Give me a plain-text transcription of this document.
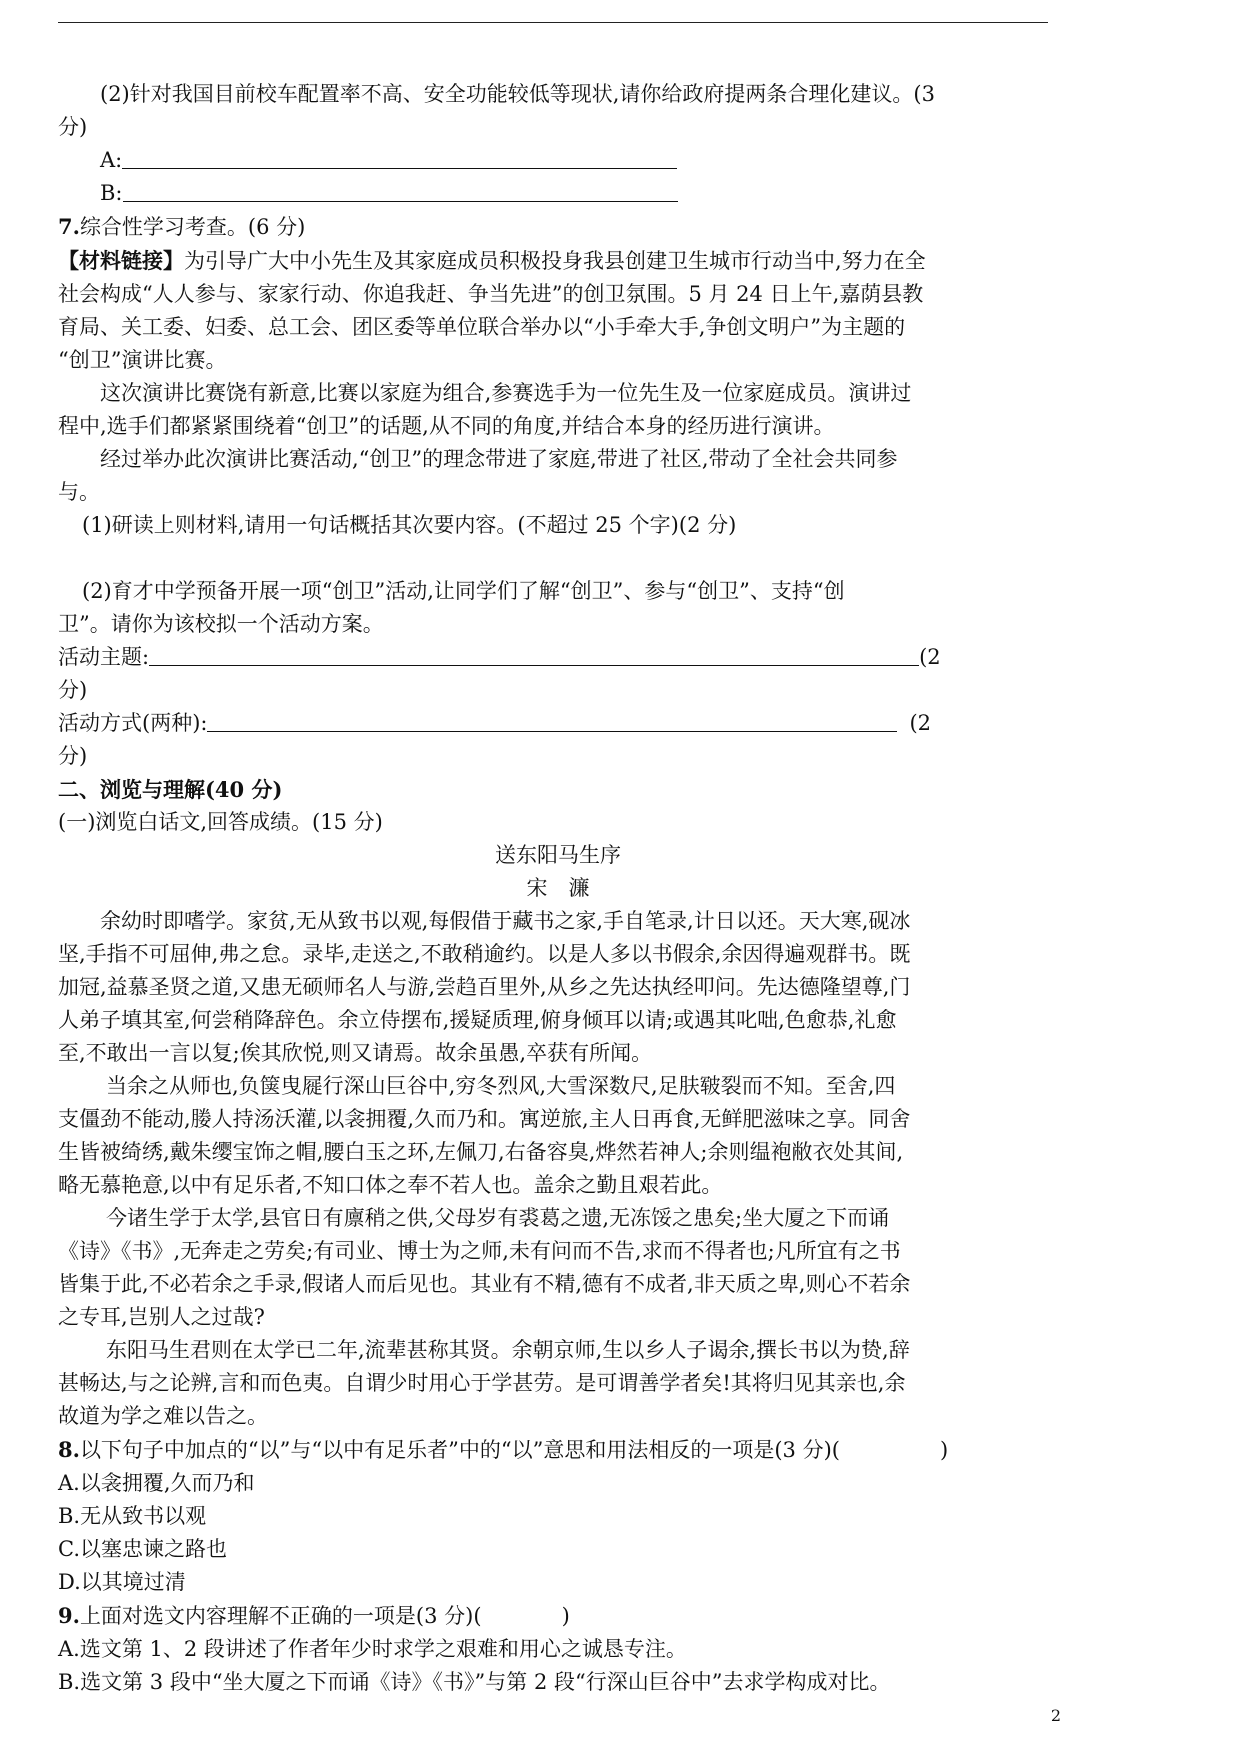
(2)针对我国目前校车配置率不高、安全功能较低等现状,请你给政府提两条合理化建议。(3

分)

A:

B:

7.综合性学习考查。(6 分)

【材料链接】为引导广大中小先生及其家庭成员积极投身我县创建卫生城市行动当中,努力在全

社会构成“人人参与、家家行动、你追我赶、争当先进”的创卫氛围。5 月 24 日上午,嘉荫县教

育局、关工委、妇委、总工会、团区委等单位联合举办以“小手牵大手,争创文明户”为主题的

“创卫”演讲比赛。

这次演讲比赛饶有新意,比赛以家庭为组合,参赛选手为一位先生及一位家庭成员。演讲过

程中,选手们都紧紧围绕着“创卫”的话题,从不同的角度,并结合本身的经历进行演讲。

经过举办此次演讲比赛活动,“创卫”的理念带进了家庭,带进了社区,带动了全社会共同参

与。

(1)研读上则材料,请用一句话概括其次要内容。(不超过 25 个字)(2 分)

(2)育才中学预备开展一项“创卫”活动,让同学们了解“创卫”、参与“创卫”、支持“创

卫”。请你为该校拟一个活动方案。

活动主题:	(2

分)

活动方式(两种):	(2

分)

二、浏览与理解(40 分)

(一)浏览白话文,回答成绩。(15 分)

送东阳马生序

宋　濂

余幼时即嗜学。家贫,无从致书以观,每假借于藏书之家,手自笔录,计日以还。天大寒,砚冰

坚,手指不可屈伸,弗之怠。录毕,走送之,不敢稍逾约。以是人多以书假余,余因得遍观群书。既

加冠,益慕圣贤之道,又患无硕师名人与游,尝趋百里外,从乡之先达执经叩问。先达德隆望尊,门

人弟子填其室,何尝稍降辞色。余立侍摆布,援疑质理,俯身倾耳以请;或遇其叱咄,色愈恭,礼愈

至,不敢出一言以复;俟其欣悦,则又请焉。故余虽愚,卒获有所闻。

当余之从师也,负箧曳屣行深山巨谷中,穷冬烈风,大雪深数尺,足肤皲裂而不知。至舍,四

支僵劲不能动,媵人持汤沃灌,以衾拥覆,久而乃和。寓逆旅,主人日再食,无鲜肥滋味之享。同舍

生皆被绮绣,戴朱缨宝饰之帽,腰白玉之环,左佩刀,右备容臭,烨然若神人;余则缊袍敝衣处其间,

略无慕艳意,以中有足乐者,不知口体之奉不若人也。盖余之勤且艰若此。

今诸生学于太学,县官日有廪稍之供,父母岁有裘葛之遗,无冻馁之患矣;坐大厦之下而诵

《诗》《书》,无奔走之劳矣;有司业、博士为之师,未有问而不告,求而不得者也;凡所宜有之书

皆集于此,不必若余之手录,假诸人而后见也。其业有不精,德有不成者,非天质之卑,则心不若余

之专耳,岂别人之过哉?

东阳马生君则在太学已二年,流辈甚称其贤。余朝京师,生以乡人子谒余,撰长书以为贽,辞

甚畅达,与之论辨,言和而色夷。自谓少时用心于学甚劳。是可谓善学者矣!其将归见其亲也,余

故道为学之难以告之。

8.以下句子中加点的“以”与“以中有足乐者”中的“以”意思和用法相反的一项是(3 分)(	)

A.以衾拥覆,久而乃和

B.无从致书以观

C.以塞忠谏之路也

D.以其境过清

9.上面对选文内容理解不正确的一项是(3 分)(	)

A.选文第 1、2 段讲述了作者年少时求学之艰难和用心之诚恳专注。

B.选文第 3 段中“坐大厦之下而诵《诗》《书》”与第 2 段“行深山巨谷中”去求学构成对比。

2
